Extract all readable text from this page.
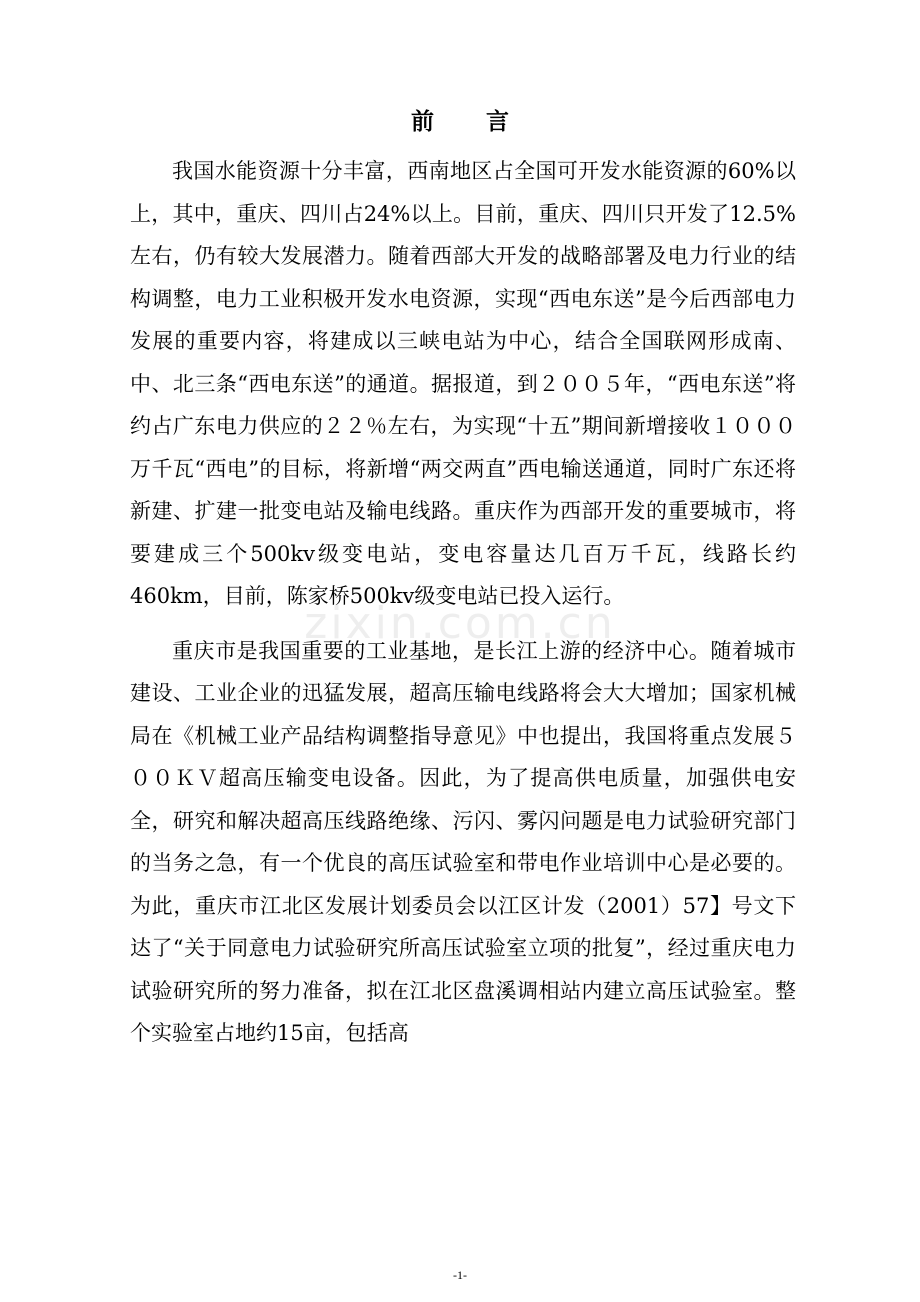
zixin.com.cn
前 言

我国水能资源十分丰富，西南地区占全国可开发水能资源的60%以上，其中，重庆、四川占24%以上。目前，重庆、四川只开发了12.5%左右，仍有较大发展潜力。随着西部大开发的战略部署及电力行业的结构调整，电力工业积极开发水电资源，实现“西电东送”是今后西部电力发展的重要内容，将建成以三峡电站为中心，结合全国联网形成南、中、北三条“西电东送”的通道。据报道，到２００５年，“西电东送”将约占广东电力供应的２２％左右，为实现“十五”期间新增接收１０００万千瓦“西电”的目标，将新增“两交两直”西电输送通道，同时广东还将新建、扩建一批变电站及输电线路。重庆作为西部开发的重要城市，将要建成三个500kv级变电站，变电容量达几百万千瓦，线路长约460km，目前，陈家桥500kv级变电站已投入运行。

重庆市是我国重要的工业基地，是长江上游的经济中心。随着城市建设、工业企业的迅猛发展，超高压输电线路将会大大增加；国家机械局在《机械工业产品结构调整指导意见》中也提出，我国将重点发展５００ＫＶ超高压输变电设备。因此，为了提高供电质量，加强供电安全，研究和解决超高压线路绝缘、污闪、雾闪问题是电力试验研究部门的当务之急，有一个优良的高压试验室和带电作业培训中心是必要的。为此，重庆市江北区发展计划委员会以江区计发（2001）57】号文下达了“关于同意电力试验研究所高压试验室立项的批复”，经过重庆电力试验研究所的努力准备，拟在江北区盘溪调相站内建立高压试验室。整个实验室占地约15亩，包括高

-1-
